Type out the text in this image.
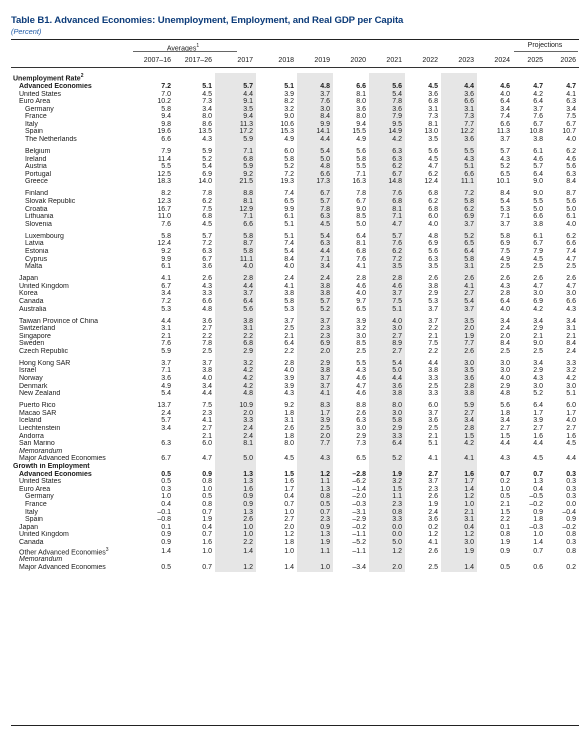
Table B1. Advanced Economies: Unemployment, Employment, and Real GDP per Capita
(Percent)
Averages$^1$	Projections
2007–16	2017–26	2017	2018	2019	2020	2021	2022	2023	2024	2025	2026
Unemployment Rate$^2$												
Advanced Economies	7.2	5.1	5.7	5.1	4.8	6.6	5.6	4.5	4.4	4.6	4.7	4.7
United States	7.0	4.5	4.4	3.9	3.7	8.1	5.4	3.6	3.6	4.0	4.2	4.1
Euro Area	10.2	7.3	9.1	8.2	7.6	8.0	7.8	6.8	6.6	6.4	6.4	6.3
Germany	5.8	3.4	3.5	3.2	3.0	3.6	3.6	3.1	3.1	3.4	3.7	3.4
France	9.4	8.0	9.4	9.0	8.4	8.0	7.9	7.3	7.3	7.4	7.6	7.5
Italy	9.8	8.6	11.3	10.6	9.9	9.4	9.5	8.1	7.7	6.6	6.7	6.7
Spain	19.6	13.5	17.2	15.3	14.1	15.5	14.9	13.0	12.2	11.3	10.8	10.7
The Netherlands	6.6	4.3	5.9	4.9	4.4	4.9	4.2	3.5	3.6	3.7	3.8	4.0

Belgium	7.9	5.9	7.1	6.0	5.4	5.6	6.3	5.6	5.5	5.7	6.1	6.2
Ireland	11.4	5.2	6.8	5.8	5.0	5.8	6.3	4.5	4.3	4.3	4.6	4.6
Austria	5.5	5.4	5.9	5.2	4.8	5.5	6.2	4.7	5.1	5.2	5.7	5.6
Portugal	12.5	6.9	9.2	7.2	6.6	7.1	6.7	6.2	6.6	6.5	6.4	6.3
Greece	18.3	14.0	21.5	19.3	17.3	16.3	14.8	12.4	11.1	10.1	9.0	8.4

Finland	8.2	7.8	8.8	7.4	6.7	7.8	7.6	6.8	7.2	8.4	9.0	8.7
Slovak Republic	12.3	6.2	8.1	6.5	5.7	6.7	6.8	6.2	5.8	5.4	5.5	5.6
Croatia	16.7	7.5	12.9	9.9	7.8	9.0	8.1	6.8	6.2	5.3	5.0	5.0
Lithuania	11.0	6.8	7.1	6.1	6.3	8.5	7.1	6.0	6.9	7.1	6.6	6.1
Slovenia	7.6	4.5	6.6	5.1	4.5	5.0	4.7	4.0	3.7	3.7	3.8	4.0

Luxembourg	5.8	5.7	5.8	5.1	5.4	6.4	5.7	4.8	5.2	5.8	6.1	6.2
Latvia	12.4	7.2	8.7	7.4	6.3	8.1	7.6	6.9	6.5	6.9	6.7	6.6
Estonia	9.2	6.3	5.8	5.4	4.4	6.8	6.2	5.6	6.4	7.5	7.9	7.4
Cyprus	9.9	6.7	11.1	8.4	7.1	7.6	7.2	6.3	5.8	4.9	4.5	4.7
Malta	6.1	3.6	4.0	4.0	3.4	4.1	3.5	3.5	3.1	2.5	2.5	2.5

Japan	4.1	2.6	2.8	2.4	2.4	2.8	2.8	2.6	2.6	2.6	2.6	2.6
United Kingdom	6.7	4.3	4.4	4.1	3.8	4.6	4.6	3.8	4.1	4.3	4.7	4.7
Korea	3.4	3.3	3.7	3.8	3.8	4.0	3.7	2.9	2.7	2.8	3.0	3.0
Canada	7.2	6.6	6.4	5.8	5.7	9.7	7.5	5.3	5.4	6.4	6.9	6.6
Australia	5.3	4.8	5.6	5.3	5.2	6.5	5.1	3.7	3.7	4.0	4.2	4.3

Taiwan Province of China	4.4	3.6	3.8	3.7	3.7	3.9	4.0	3.7	3.5	3.4	3.4	3.4
Switzerland	3.1	2.7	3.1	2.5	2.3	3.2	3.0	2.2	2.0	2.4	2.9	3.1
Singapore	2.1	2.2	2.2	2.1	2.3	3.0	2.7	2.1	1.9	2.0	2.1	2.1
Sweden	7.6	7.8	6.8	6.4	6.9	8.5	8.9	7.5	7.7	8.4	9.0	8.4
Czech Republic	5.9	2.5	2.9	2.2	2.0	2.5	2.7	2.2	2.6	2.5	2.5	2.4

Hong Kong SAR	3.7	3.7	3.2	2.8	2.9	5.5	5.4	4.4	3.0	3.0	3.4	3.3
Israel	7.1	3.8	4.2	4.0	3.8	4.3	5.0	3.8	3.5	3.0	2.9	3.2
Norway	3.6	4.0	4.2	3.9	3.7	4.6	4.4	3.3	3.6	4.0	4.3	4.2
Denmark	4.9	3.4	4.2	3.9	3.7	4.7	3.6	2.5	2.8	2.9	3.0	3.0
New Zealand	5.4	4.4	4.8	4.3	4.1	4.6	3.8	3.3	3.8	4.8	5.2	5.1

Puerto Rico	13.7	7.5	10.9	9.2	8.3	8.8	8.0	6.0	5.9	5.6	6.4	6.0
Macao SAR	2.4	2.3	2.0	1.8	1.7	2.6	3.0	3.7	2.7	1.8	1.7	1.7
Iceland	5.7	4.1	3.3	3.1	3.9	6.3	5.8	3.6	3.4	3.4	3.9	4.0
Liechtenstein	3.4	2.7	2.4	2.6	2.5	3.0	2.9	2.5	2.8	2.7	2.7	2.7
Andorra		2.1	2.4	1.8	2.0	2.9	3.3	2.1	1.5	1.5	1.6	1.6
San Marino	6.3	6.0	8.1	8.0	7.7	7.3	6.4	5.1	4.2	4.4	4.4	4.5
Memorandum												
Major Advanced Economies	6.7	4.7	5.0	4.5	4.3	6.5	5.2	4.1	4.1	4.3	4.5	4.4
Growth in Employment												
Advanced Economies	0.5	0.9	1.3	1.5	1.2	–2.8	1.9	2.7	1.6	0.7	0.7	0.3
United States	0.5	0.8	1.3	1.6	1.1	–6.2	3.2	3.7	1.7	0.2	1.3	0.3
Euro Area	0.3	1.0	1.6	1.7	1.3	–1.4	1.5	2.3	1.4	1.0	0.4	0.3
Germany	1.0	0.5	0.9	0.4	0.8	–2.0	1.1	2.6	1.2	0.5	–0.5	0.3
France	0.4	0.8	0.9	0.7	0.5	–0.3	2.3	1.9	1.0	2.1	–0.2	0.0
Italy	–0.1	0.7	1.3	1.0	0.7	–3.1	0.8	2.4	2.1	1.5	0.9	–0.4
Spain	–0.8	1.9	2.6	2.7	2.3	–2.9	3.3	3.6	3.1	2.2	1.8	0.9
Japan	0.1	0.4	1.0	2.0	0.9	–0.2	0.0	0.2	0.4	0.1	–0.3	–0.2
United Kingdom	0.9	0.7	1.0	1.2	1.3	–1.1	0.0	1.2	1.2	0.8	1.0	0.8
Canada	0.9	1.6	2.2	1.8	1.9	–5.2	5.0	4.1	3.0	1.9	1.4	0.3
Other Advanced Economies$^3$	1.4	1.0	1.4	1.0	1.1	–1.1	1.2	2.6	1.9	0.9	0.7	0.8
Memorandum												
Major Advanced Economies	0.5	0.7	1.2	1.4	1.0	–3.4	2.0	2.5	1.4	0.5	0.6	0.2
